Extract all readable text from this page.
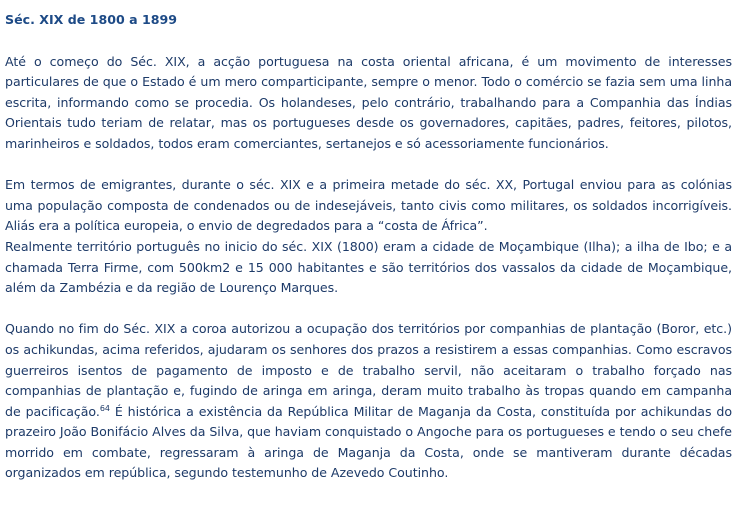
Séc. XIX de 1800 a 1899

Até o começo do Séc. XIX, a acção portuguesa na costa oriental africana, é um movimento de interesses particulares de que o Estado é um mero comparticipante, sempre o menor. Todo o comércio se fazia sem uma linha escrita, informando como se procedia. Os holandeses, pelo contrário, trabalhando para a Companhia das Índias Orientais tudo teriam de relatar, mas os portugueses desde os governadores, capitães, padres, feitores, pilotos, marinheiros e soldados, todos eram comerciantes, sertanejos e só acessoriamente funcionários.

Em termos de emigrantes, durante o séc. XIX e a primeira metade do séc. XX, Portugal enviou para as colónias uma população composta de condenados ou de indesejáveis, tanto civis como militares, os soldados incorrigíveis. Aliás era a política europeia, o envio de degredados para a “costa de África”.

Realmente território português no inicio do séc. XIX (1800) eram a cidade de Moçambique (Ilha); a ilha de Ibo; e a chamada Terra Firme, com 500km2 e 15 000 habitantes e são territórios dos vassalos da cidade de Moçambique, além da Zambézia e da região de Lourenço Marques.

Quando no fim do Séc. XIX a coroa autorizou a ocupação dos territórios por companhias de plantação (Boror, etc.) os achikundas, acima referidos, ajudaram os senhores dos prazos a resistirem a essas companhias. Como escravos guerreiros isentos de pagamento de imposto e de trabalho servil, não aceitaram o trabalho forçado nas companhias de plantação e, fugindo de aringa em aringa, deram muito trabalho às tropas quando em campanha de pacificação.$^{64}$ É histórica a existência da República Militar de Maganja da Costa, constituída por achikundas do prazeiro João Bonifácio Alves da Silva, que haviam conquistado o Angoche para os portugueses e tendo o seu chefe morrido em combate, regressaram à aringa de Maganja da Costa, onde se mantiveram durante décadas organizados em república, segundo testemunho de Azevedo Coutinho.
